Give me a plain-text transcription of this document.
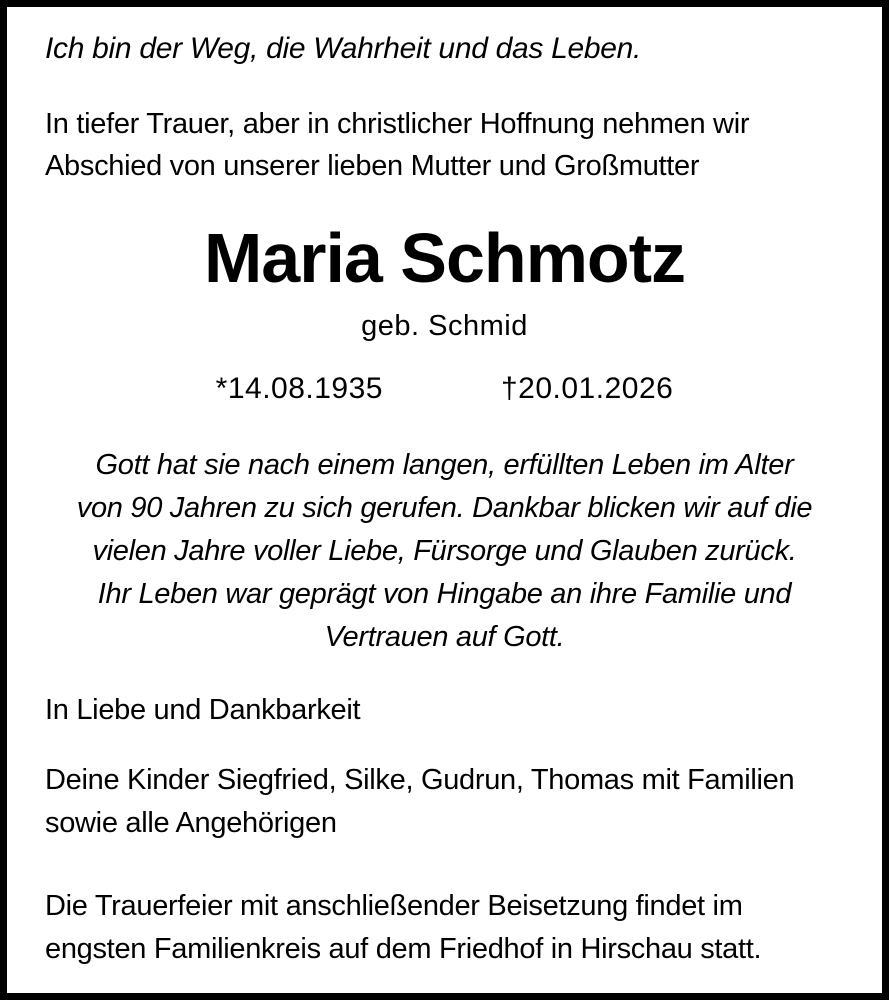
Ich bin der Weg, die Wahrheit und das Leben.
In tiefer Trauer, aber in christlicher Hoffnung nehmen wir
Abschied von unserer lieben Mutter und Großmutter
Maria Schmotz
geb. Schmid
*14.08.1935	†20.01.2026
Gott hat sie nach einem langen, erfüllten Leben im Alter
von 90 Jahren zu sich gerufen. Dankbar blicken wir auf die
vielen Jahre voller Liebe, Fürsorge und Glauben zurück.
Ihr Leben war geprägt von Hingabe an ihre Familie und
Vertrauen auf Gott.
In Liebe und Dankbarkeit
Deine Kinder Siegfried, Silke, Gudrun, Thomas mit Familien
sowie alle Angehörigen
Die Trauerfeier mit anschließender Beisetzung findet im
engsten Familienkreis auf dem Friedhof in Hirschau statt.
